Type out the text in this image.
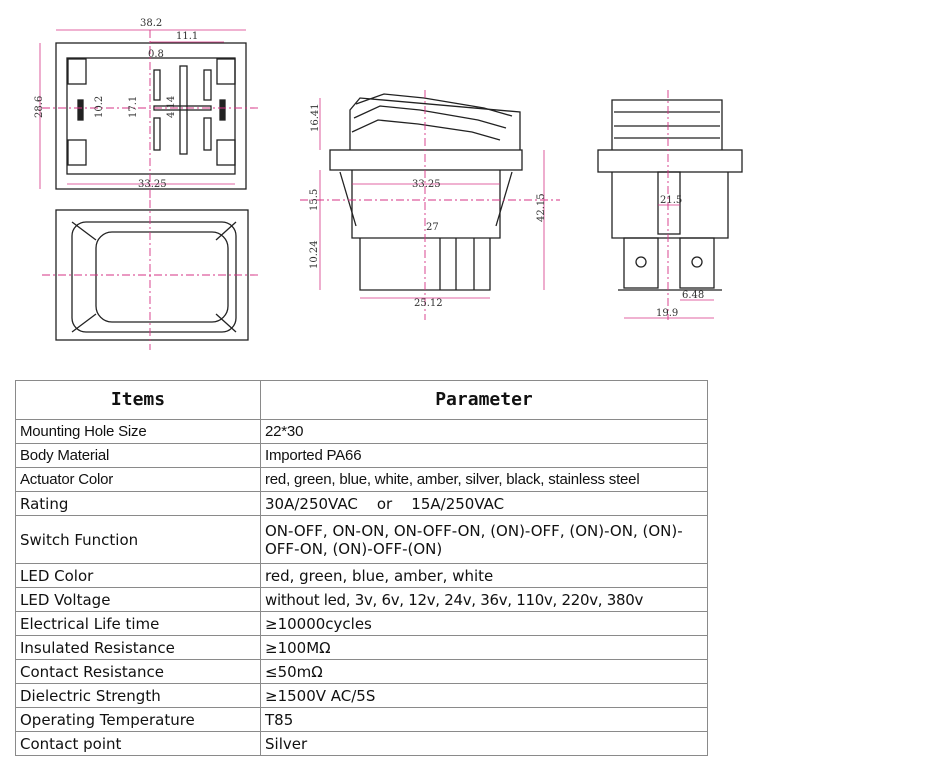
38.2
11.1
0.8
28.6	10.2 17.1	4.14
33.25
16.41
15.5
10.24
42.15
33.25
27
25.12
21.5
6.48
19.9
Items	Parameter
Mounting Hole Size	22*30
Body Material	Imported PA66
Actuator Color	red, green, blue, white, amber, silver, black, stainless steel
Rating	30A/250VAC    or    15A/250VAC
Switch Function	ON-OFF, ON-ON, ON-OFF-ON, (ON)-OFF, (ON)-ON, (ON)-OFF-ON, (ON)-OFF-(ON)
LED Color	red, green, blue, amber, white
LED Voltage	without led, 3v, 6v, 12v, 24v, 36v, 110v, 220v, 380v
Electrical Life time	≥10000cycles
Insulated Resistance	≥100MΩ
Contact Resistance	≤50mΩ
Dielectric Strength	≥1500V AC/5S
Operating Temperature	T85
Contact point	Silver
